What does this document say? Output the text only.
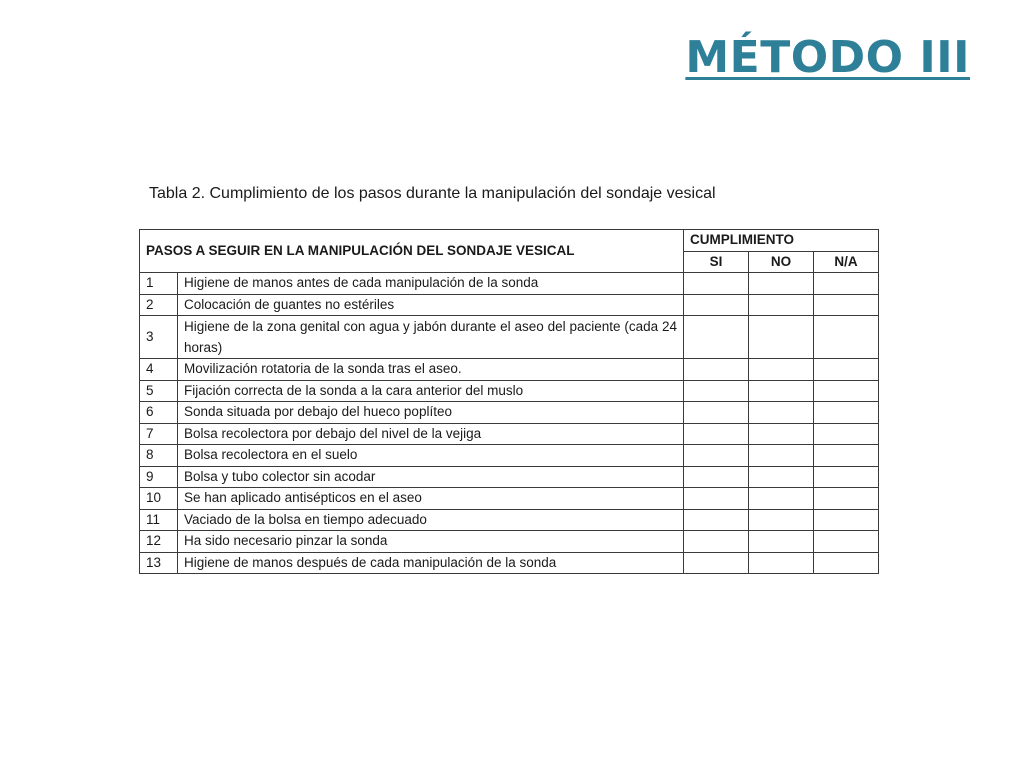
MÉTODO III
Tabla 2. Cumplimiento de los pasos durante la manipulación del sondaje vesical
PASOS A SEGUIR EN LA MANIPULACIÓN DEL SONDAJE VESICAL		CUMPLIMIENTO		
		SI	NO	N/A
1	Higiene de manos antes de cada manipulación de la sonda			
2	Colocación de guantes no estériles			
3	Higiene de la zona genital con agua y jabón durante el aseo del paciente (cada 24 horas)			
4	Movilización rotatoria de la sonda tras el aseo.			
5	Fijación correcta de la sonda a la cara anterior del muslo			
6	Sonda situada por debajo del hueco poplíteo			
7	Bolsa recolectora por debajo del nivel de la vejiga			
8	Bolsa recolectora en el suelo			
9	Bolsa y tubo colector sin acodar			
10	Se han aplicado antisépticos en el aseo			
11	Vaciado de la bolsa en tiempo adecuado			
12	Ha sido necesario pinzar la sonda			
13	Higiene de manos después de cada manipulación de la sonda			
